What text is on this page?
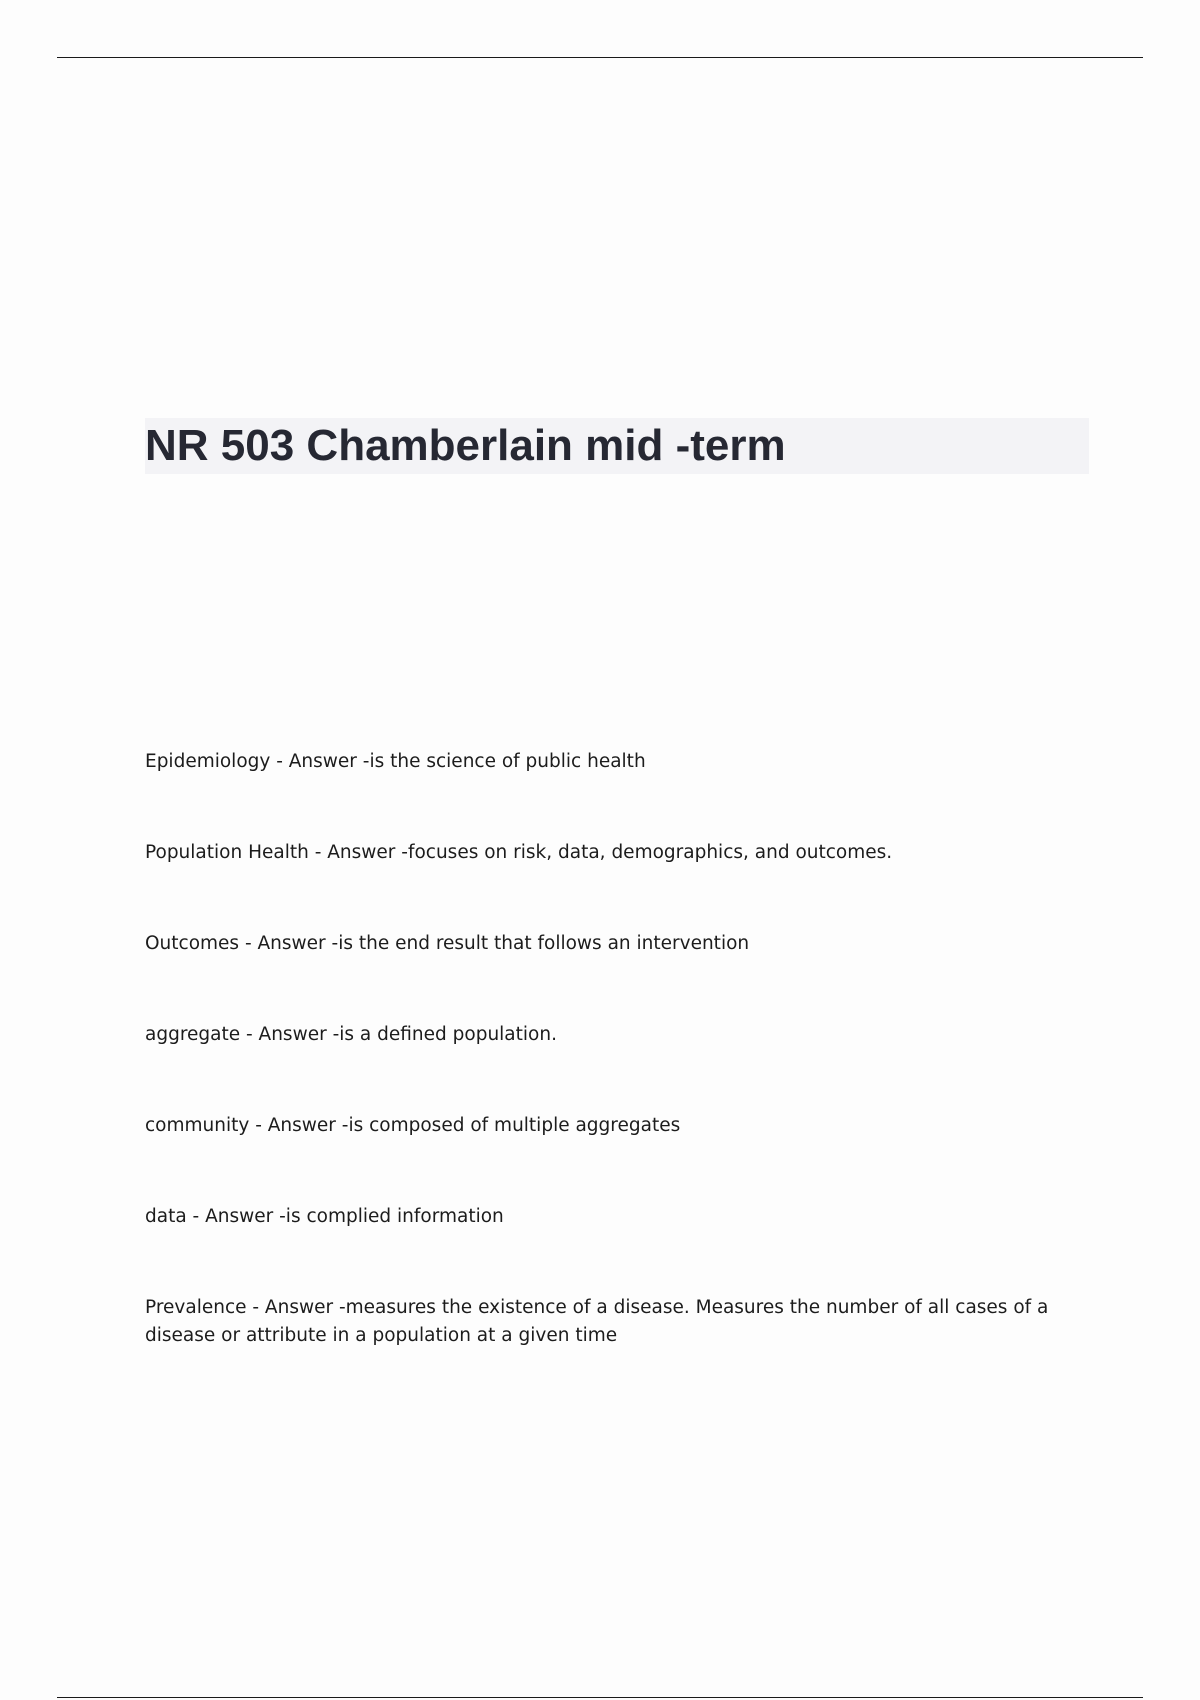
NR 503 Chamberlain mid -term

Epidemiology - Answer -is the science of public health

Population Health - Answer -focuses on risk, data, demographics, and outcomes.

Outcomes - Answer -is the end result that follows an intervention

aggregate - Answer -is a defined population.

community - Answer -is composed of multiple aggregates

data - Answer -is complied information

Prevalence - Answer -measures the existence of a disease. Measures the number of all cases of a disease or attribute in a population at a given time
